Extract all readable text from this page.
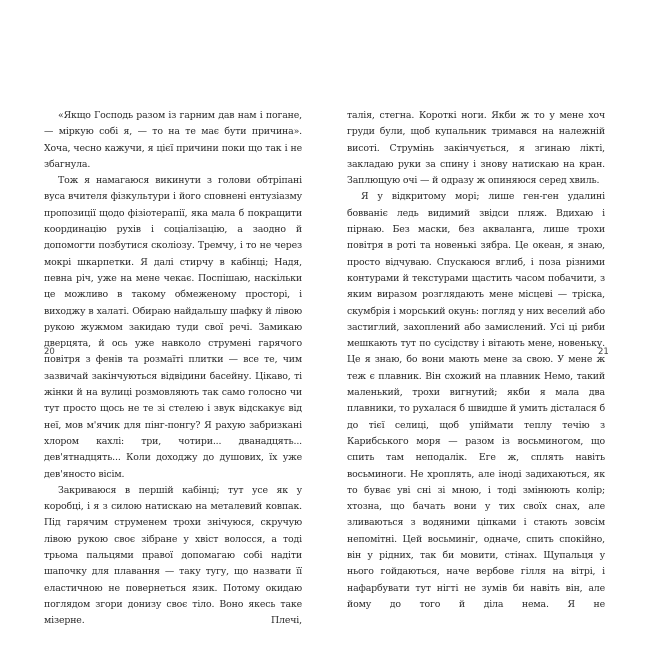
«Якщо Господь разом із гарним дав нам і погане, — міркую собі я, — то на те має бути причина». Хоча, чесно кажучи, я цієї причини поки що так і не збагнула.

Тож я намагаюся викинути з голови обтріпані вуса вчителя фізкультури і його сповнені ентузіазму пропозиції щодо фізіотерапії, яка мала б покращити координацію рухів і соціалізацію, а заодно й допомогти позбутися сколіозу. Тремчу, і то не через мокрі шкарпетки. Я далі стирчу в кабінці; Надя, певна річ, уже на мене чекає. Поспішаю, наскільки це можливо в такому обмеженому просторі, і виходжу в халаті. Обираю найдальшу шафку й лівою рукою жужмом закидаю туди свої речі. Замикаю дверцята, й ось уже навколо струмені гарячого повітря з фенів та розмаїті плитки — все те, чим зазвичай закінчуються відвідини басейну. Цікаво, ті жінки й на вулиці розмовляють так само голосно чи тут просто щось не те зі стелею і звук відскакує від неї, мов м'ячик для пінг-понгу? Я рахую забризкані хлором кахлі: три, чотири... дванадцять... дев'ятнадцять... Коли доходжу до душових, їх уже дев'яносто вісім.

Закриваюся в першій кабінці; тут усе як у коробці, і я з силою натискаю на металевий ковпак. Під гарячим струменем трохи знічуюся, скручую лівою рукою своє зібране у хвіст волосся, а тоді трьома пальцями правої допомагаю собі надіти шапочку для плавання — таку тугу, що назвати її еластичною не повернеться язик. Потому окидаю поглядом згори донизу своє тіло. Воно якесь таке мізерне. Плечі,

20

талія, стегна. Короткі ноги. Якби ж то у мене хоч груди були, щоб купальник тримався на належній висоті. Струмінь закінчується, я згинаю лікті, закладаю руки за спину і знову натискаю на кран. Заплющую очі — й одразу ж опиняюся серед хвиль.

Я у відкритому морі; лише ген-ген удалині бовваніє ледь видимий звідси пляж. Вдихаю і пірнаю. Без маски, без акваланга, лише трохи повітря в роті та новенькі зябра. Це океан, я знаю, просто відчуваю. Спускаюся вглиб, і поза різними контурами й текстурами щастить часом побачити, з яким виразом розглядають мене місцеві — тріска, скумбрія і морський окунь: погляд у них веселий або застиглий, захоплений або замислений. Усі ці риби мешкають тут по сусідству і вітають мене, новеньку. Це я знаю, бо вони мають мене за свою. У мене ж теж є плавник. Він схожий на плавник Немо, такий маленький, трохи вигнутий; якби я мала два плавники, то рухалася б швидше й умить дісталася б до тієї селиці, щоб упіймати теплу течію з Карибського моря — разом із восьминогом, що спить там неподалік. Еге ж, сплять навіть восьминоги. Не хроплять, але іноді задихаються, як то буває уві сні зі мною, і тоді змінюють колір; хтозна, що бачать вони у тих своїх снах, але зливаються з водяними ціпками і стають зовсім непомітні. Цей восьминіг, одначе, спить спокійно, він у рідних, так би мовити, стінах. Щупальця у нього гойдаються, наче вербове гілля на вітрі, і нафарбувати тут нігті не зумів би навіть він, але йому до того й діла нема. Я не

21
